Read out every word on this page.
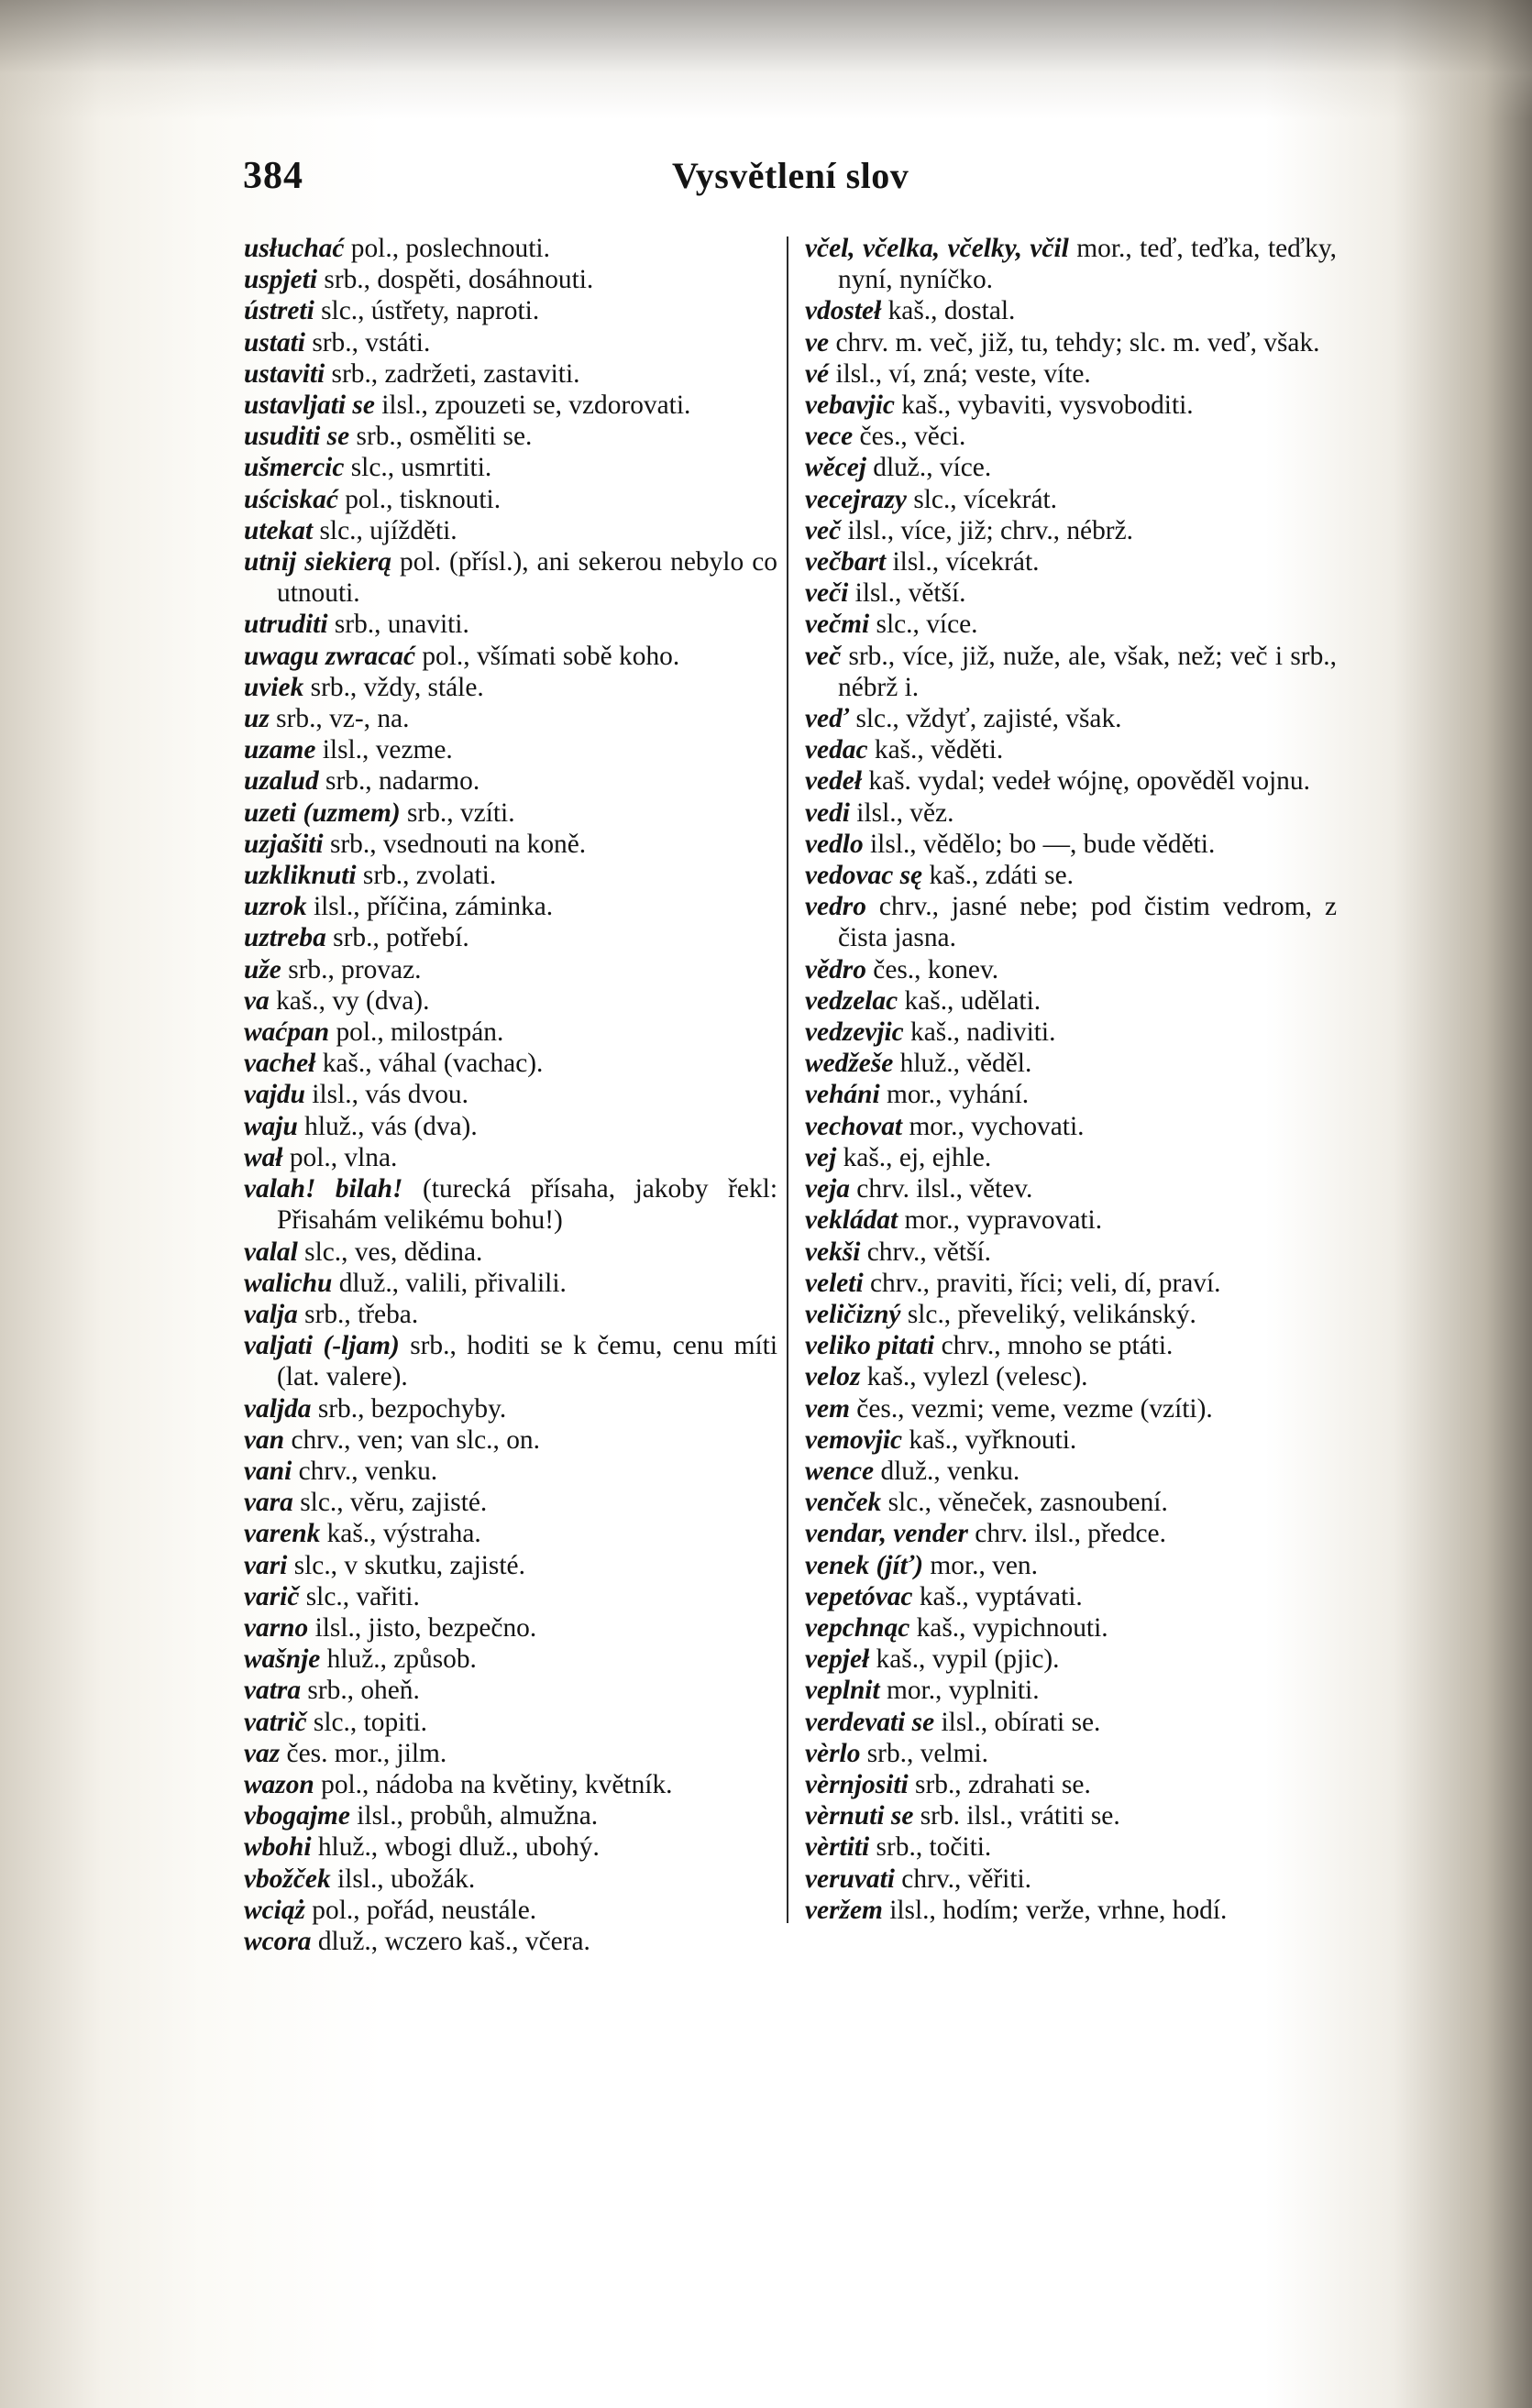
384	Vysvětlení slov
usłuchać pol., poslechnouti.
uspjeti srb., dospěti, dosáhnouti.
ústreti slc., ústřety, naproti.
ustati srb., vstáti.
ustaviti srb., zadržeti, zastaviti.
ustavljati se ilsl., zpouzeti se, vzdorovati.
usuditi se srb., osměliti se.
ušmercic slc., usmrtiti.
uściskać pol., tisknouti.
utekat slc., ujížděti.
utnij siekierą pol. (přísl.), ani sekerou nebylo co utnouti.
utruditi srb., unaviti.
uwagu zwracać pol., všímati sobě koho.
uviek srb., vždy, stále.
uz srb., vz-, na.
uzame ilsl., vezme.
uzalud srb., nadarmo.
uzeti (uzmem) srb., vzíti.
uzjašiti srb., vsednouti na koně.
uzkliknuti srb., zvolati.
uzrok ilsl., příčina, záminka.
uztreba srb., potřebí.
uže srb., provaz.
va kaš., vy (dva).
waćpan pol., milostpán.
vacheł kaš., váhal (vachac).
vajdu ilsl., vás dvou.
waju hluž., vás (dva).
wał pol., vlna.
valah! bilah! (turecká přísaha, jakoby řekl: Přisahám velikému bohu!)
valal slc., ves, dědina.
walichu dluž., valili, přivalili.
valja srb., třeba.
valjati (-ljam) srb., hoditi se k čemu, cenu míti (lat. valere).
valjda srb., bezpochyby.
van chrv., ven; van slc., on.
vani chrv., venku.
vara slc., věru, zajisté.
varenk kaš., výstraha.
vari slc., v skutku, zajisté.
varič slc., vařiti.
varno ilsl., jisto, bezpečno.
wašnje hluž., způsob.
vatra srb., oheň.
vatrič slc., topiti.
vaz čes. mor., jilm.
wazon pol., nádoba na květiny, květník.
vbogajme ilsl., probůh, almužna.
wbohi hluž., wbogi dluž., ubohý.
vbožček ilsl., ubožák.
wciąż pol., pořád, neustále.
wcora dluž., wczero kaš., včera.
včel, včelka, včelky, včil mor., teď, teďka, teďky, nyní, nyníčko.
vdosteł kaš., dostal.
ve chrv. m. več, již, tu, tehdy; slc. m. veď, však.
vé ilsl., ví, zná; veste, víte.
vebavjic kaš., vybaviti, vysvoboditi.
vece čes., věci.
wěcej dluž., více.
vecejrazy slc., vícekrát.
več ilsl., více, již; chrv., nébrž.
večbart ilsl., vícekrát.
veči ilsl., větší.
večmi slc., více.
več srb., více, již, nuže, ale, však, než; več i srb., nébrž i.
veď slc., vždyť, zajisté, však.
vedac kaš., věděti.
vedeł kaš. vydal; vedeł wójnę, opověděl vojnu.
vedi ilsl., věz.
vedlo ilsl., vědělo; bo —, bude věděti.
vedovac sę kaš., zdáti se.
vedro chrv., jasné nebe; pod čistim vedrom, z čista jasna.
vědro čes., konev.
vedzelac kaš., udělati.
vedzevjic kaš., nadiviti.
wedžeše hluž., věděl.
veháni mor., vyhání.
vechovat mor., vychovati.
vej kaš., ej, ejhle.
veja chrv. ilsl., větev.
vekládat mor., vypravovati.
vekši chrv., větší.
veleti chrv., praviti, říci; veli, dí, praví.
veličizný slc., převeliký, velikánský.
veliko pitati chrv., mnoho se ptáti.
veloz kaš., vylezl (velesc).
vem čes., vezmi; veme, vezme (vzíti).
vemovjic kaš., vyřknouti.
wence dluž., venku.
venček slc., věneček, zasnoubení.
vendar, vender chrv. ilsl., předce.
venek (jíť) mor., ven.
vepetóvac kaš., vyptávati.
vepchnąc kaš., vypichnouti.
vepjeł kaš., vypil (pjic).
veplnit mor., vyplniti.
verdevati se ilsl., obírati se.
vèrlo srb., velmi.
vèrnjositi srb., zdrahati se.
vèrnuti se srb. ilsl., vrátiti se.
vèrtiti srb., točiti.
veruvati chrv., věřiti.
veržem ilsl., hodím; verže, vrhne, hodí.
